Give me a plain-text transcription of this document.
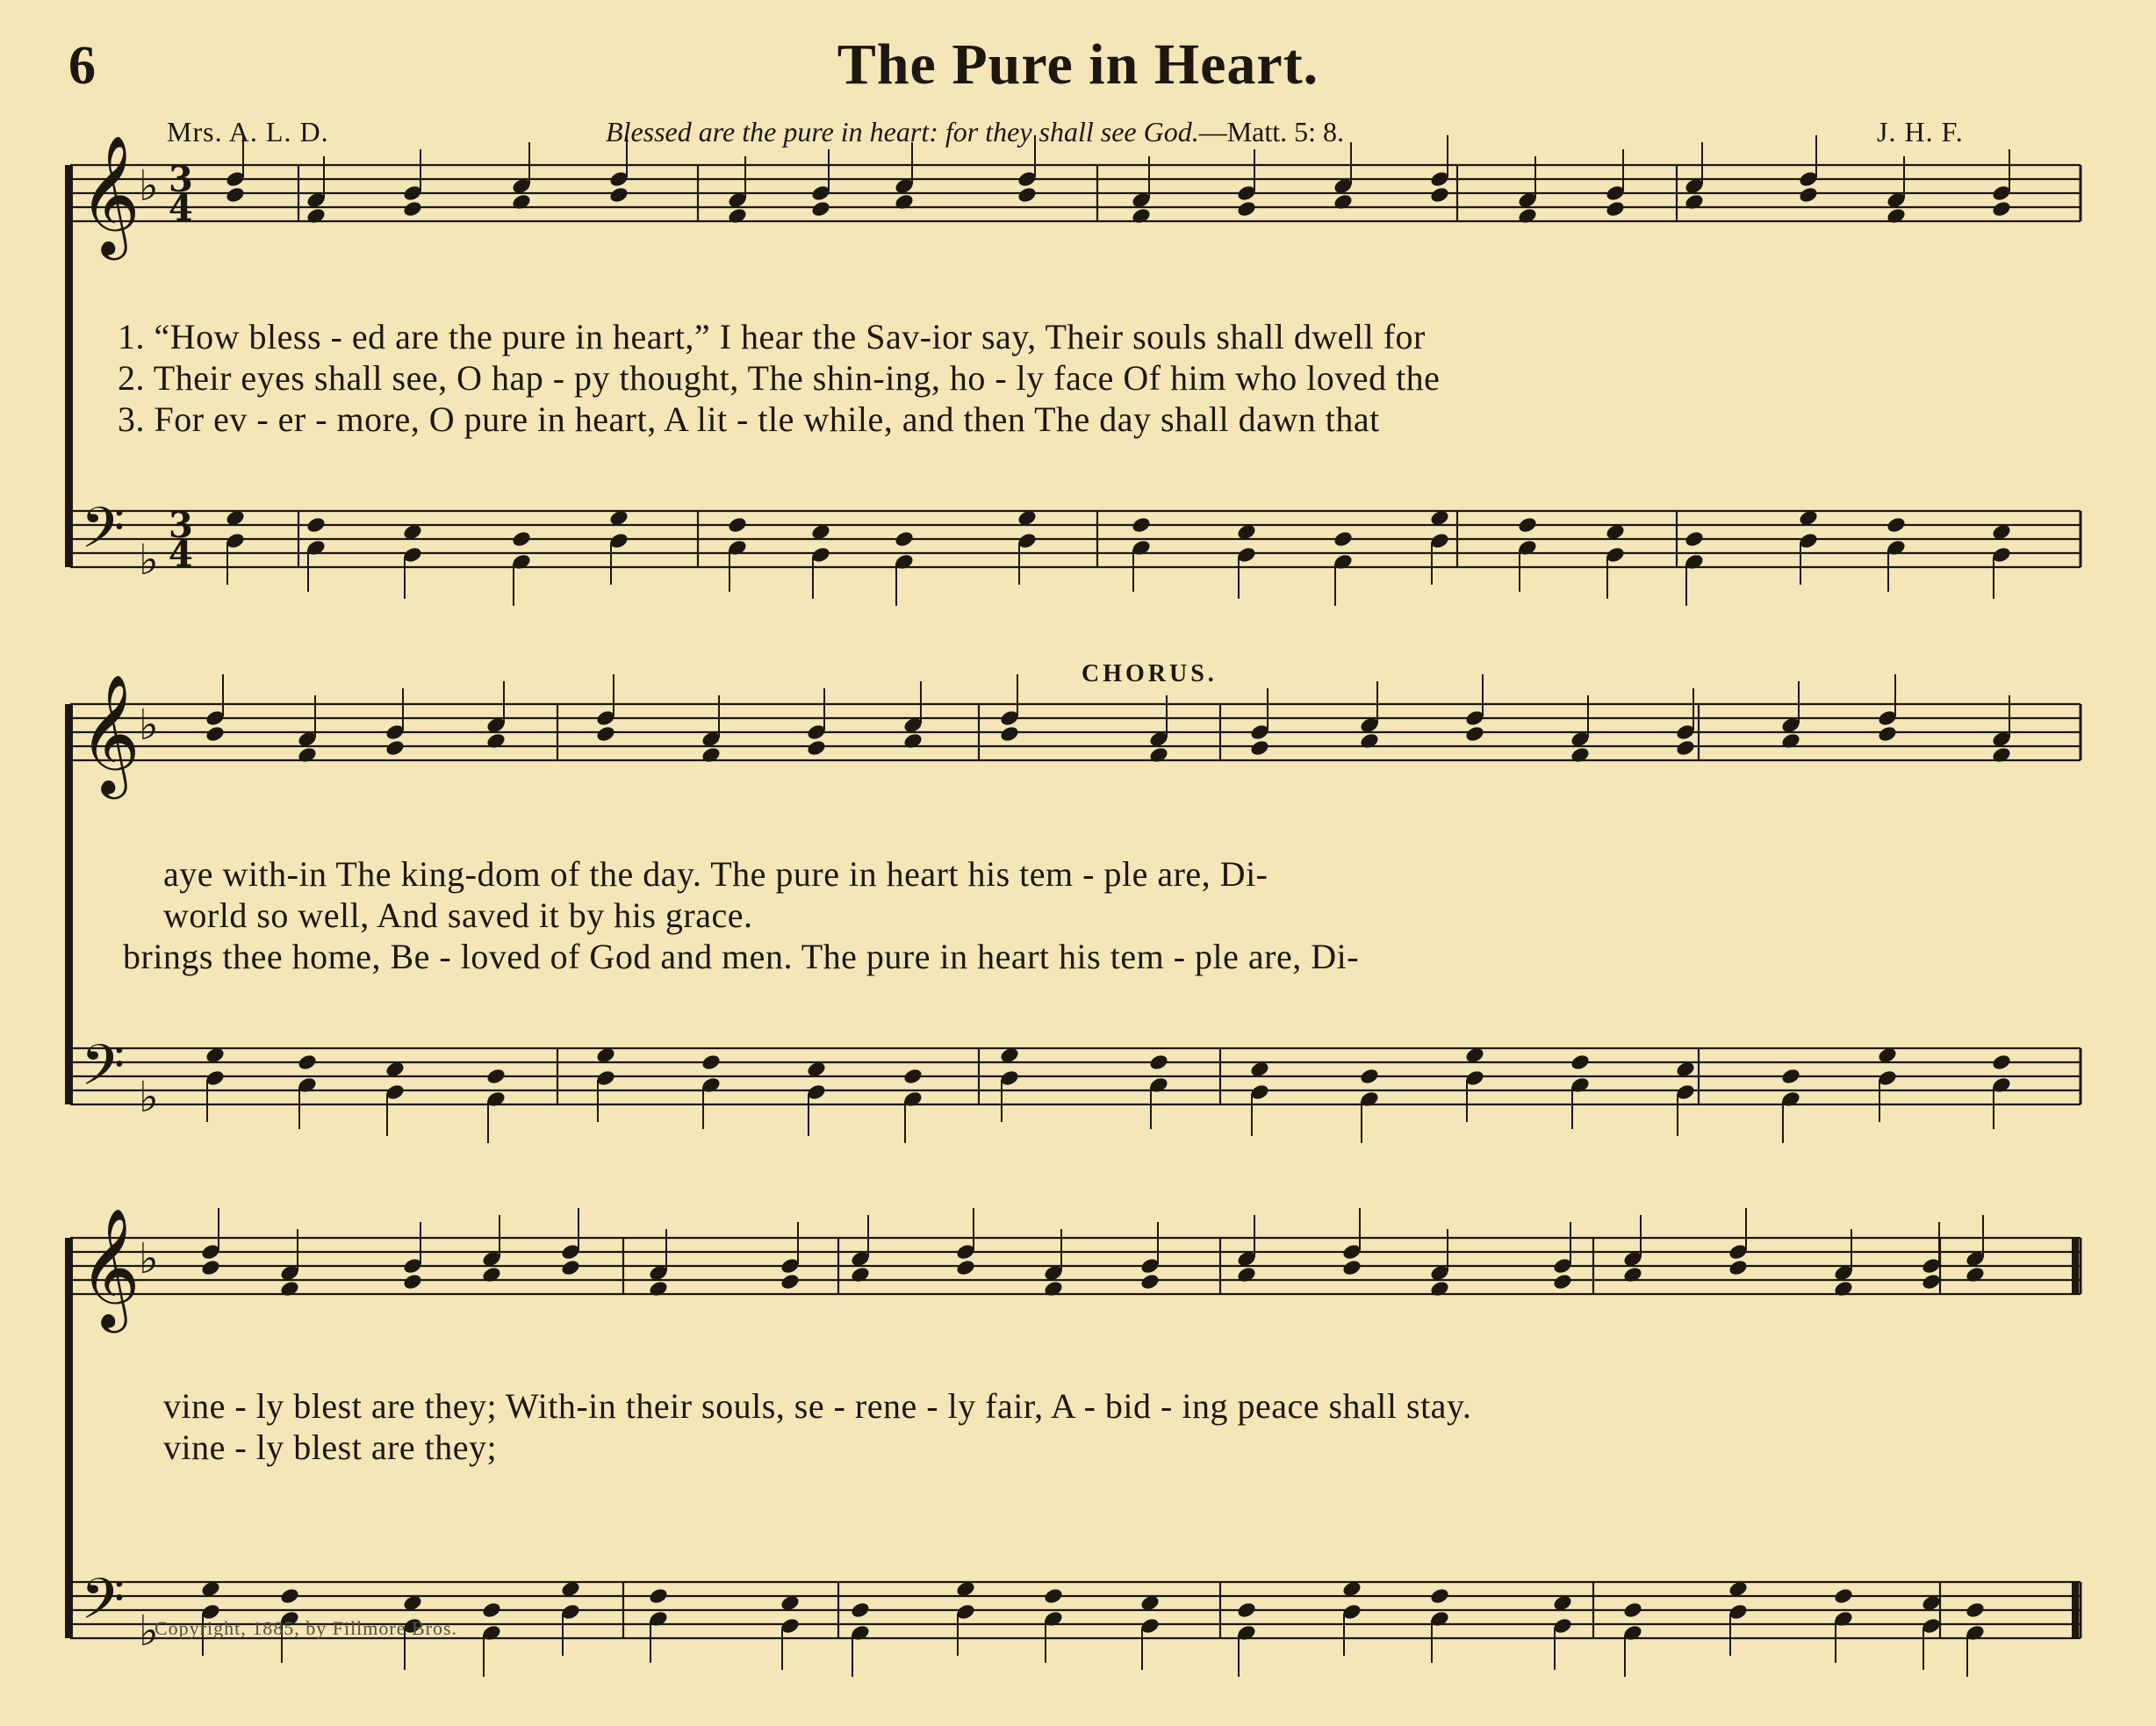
6	The Pure in Heart.
Mrs. A. L. D.	Blessed are the pure in heart: for they shall see God.—Matt. 5: 8.	J. H. F.
𝄞
𝄢
♭
♭
3
4
3
4
𝄞
𝄢
♭
♭
𝄞
𝄢
♭
♭
CHORUS.
1. “How bless - ed are the pure in heart,” I hear the Sav-ior say, Their souls shall dwell for
2. Their eyes shall see, O hap - py thought, The shin-ing, ho - ly face Of him who loved the
3. For ev - er - more, O pure in heart, A lit - tle while, and then The day shall dawn that
aye with-in The king-dom of the day. The pure in heart his tem - ple are, Di-
world so well, And saved it by his grace.
brings thee home, Be - loved of God and men. The pure in heart his tem - ple are, Di-
vine - ly blest are they; With-in their souls, se - rene - ly fair, A - bid - ing peace shall stay.
vine - ly blest are they;
Copyright, 1885, by Fillmore Bros.
